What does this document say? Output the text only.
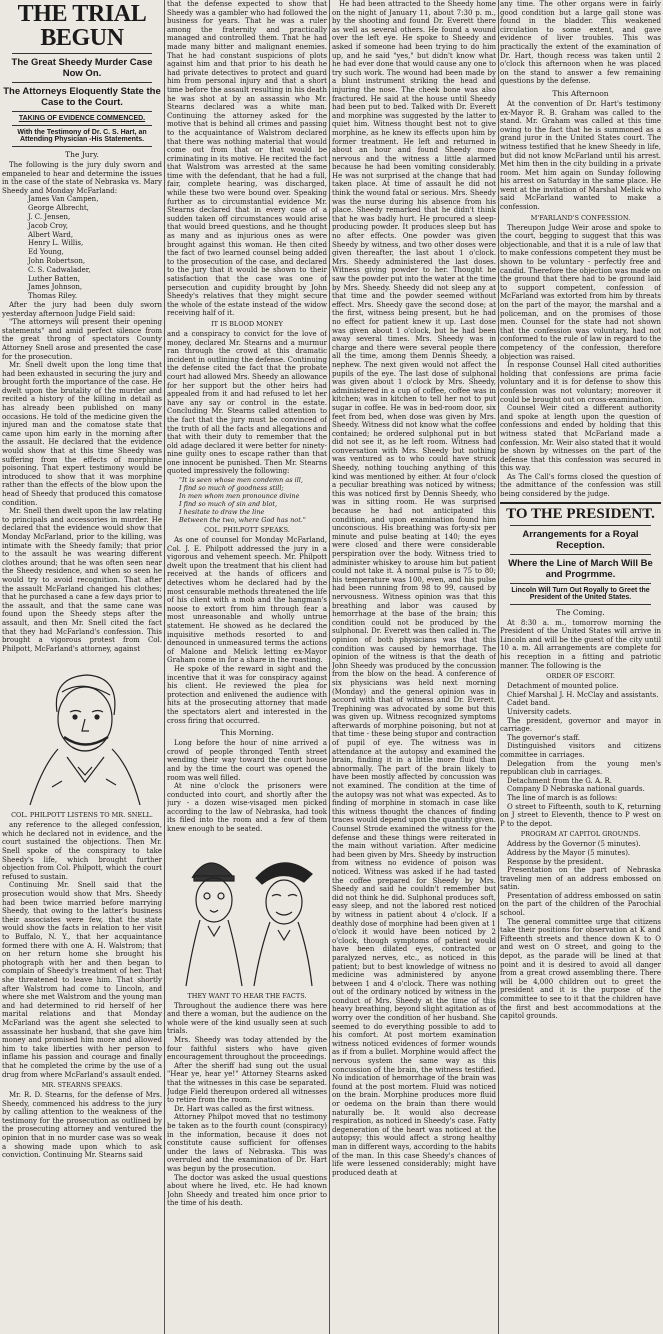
THE TRIAL BEGUN
The Great Sheedy Murder Case Now On.
The Attorneys Eloquently State the Case to the Court.
TAKING OF EVIDENCE COMMENCED.
With the Testimony of Dr. C. S. Hart, an Attending Physician -His Statements.
The Jury.

The following is the jury duly sworn and empaneled to hear and determine the issues in the case of the state of Nebraska vs. Mary Sheedy and Monday McFarland:

James Van Campen,
George Albrecht,
J. C. Jensen,
Jacob Croy,
Albert Ward,
Henry L. Willis,
Ed Young,
John Robertson,
C. S. Cadwalader,
Luther Batten,
James Johnson,
Thomas Riley.

After the jury had been duly sworn yesterday afternoon Judge Field said:

"The attorneys will present their opening statements" and amid perfect silence from the great throng of spectators County Attorney Snell arose and presented the case for the prosecution.

Mr. Snell dwelt upon the long time that had been exhausted in securing the jury and brought forth the importance of the case. He dwelt upon the brutality of the murder and recited a history of the killing in detail as has already been published on many occasions. He told of the medicine given the injured man and the comatose state that came upon him early in the morning after the assault. He declared that the evidence would show that at this time Sheedy was suffering from the effects of morphine poisoning. That expert testimony would be introduced to show that it was morphine rather than the effects of the blow upon the head of Sheedy that produced this comatose condition.

Mr. Snell then dwelt upon the law relating to principals and accessories in murder. He declared that the evidence would show that Monday McFarland, prior to the killing, was intimate with the Sheedy family; that prior to the assault he was wearing different clothes around; that he was often seen near the Sheedy residence, and when so seen he would try to avoid recognition. That after the assault McFarland changed his clothes; that he purchased a cane a few days prior to the assault, and that the same cane was found upon the Sheedy steps after the assault, and then Mr. Snell cited the fact that they had McFarland's confession. This brought a vigorous protest from Col. Philpott, McFarland's attorney, against

COL. PHILPOTT LISTENS TO MR. SNELL.

any reference to the alleged confession, which he declared not in evidence, and the court sustained the objections. Then Mr. Snell spoke of the conspiracy to take Sheedy's life, which brought further objection from Col. Philpott, which the court refused to sustain.

Continuing Mr. Snell said that the prosecution would show that Mrs. Sheedy had been twice married before marrying Sheedy, that owing to the latter's business their associates were few, that the state would show the facts in relation to her visit to Buffalo, N. Y., that her acquaintance formed there with one A. H. Walstrom; that on her return home she brought his photograph with her and then began to complain of Sheedy's treatment of her. That she threatened to leave him. That shortly after Walstrom had come to Lincoln, and where she met Walstrom and the young man and had determined to rid herself of her marital relations and that Monday McFarland was the agent she selected to assassinate her husband, that she gave him money and promised him more and allowed him to take liberties with her person to inflame his passion and courage and finally that he completed the crime by the use of a drug from where McFarland's assault ended.

MR. STEARNS SPEAKS.

Mr. R. D. Stearns, for the defense of Mrs. Sheedy, commenced his address to the jury by calling attention to the weakness of the testimony for the prosecution as outlined by the prosecuting attorney and ventured the opinion that in no murder case was so weak a showing made upon which to ask conviction. Continuing Mr. Stearns said

that the defense expected to show that Sheedy was a gambler who had followed the business for years. That he was a ruler among the fraternity and practically managed and controlled them. That he had made many bitter and malignant enemies. That he had constant suspicions of plots against him and that prior to his death he had private detectives to protect and guard him from personal injury and that a short time before the assault resulting in his death he was shot at by an assassin who Mr. Stearns declared was a white man. Continuing the attorney asked for the motive that is behind all crimes and passing to the acquaintance of Walstrom declared that there was nothing material that would come out from that or that would be criminating in its motive. He recited the fact that Walstrom was arrested at the same time with the defendant, that he had a full, fair, complete hearing, was discharged, while these two were bound over. Speaking further as to circumstantial evidence Mr. Stearns declared that in every case of a sudden taken off circumstances would arise that would breed questions, and he thought as many and as injurious ones as were brought against this woman. He then cited the fact of two learned counsel being added to the prosecution of the case, and declared to the jury that it would be shown to their satisfaction that the case was one of persecution and cupidity brought by John Sheedy's relatives that they might secure the whole of the estate instead of the widow receiving half of it.

IT IS BLOOD MONEY

and a conspiracy to convict for the love of money, declared Mr. Stearns and a murmur ran through the crowd at this dramatic incident in outlining the defense. Continuing the defense cited the fact that the probate court had allowed Mrs. Sheedy an allowance for her support but the other heirs had appealed from it and had refused to let her have any say or control in the estate. Concluding Mr. Stearns called attention to the fact that the jury must be convinced of the truth of all the facts and allegations and that with their duty to remember that the old adage declared it were better for ninety-nine guilty ones to escape rather than that one innocent be punished. Then Mr. Stearns quoted impressively the following:

"It is seen whose men condemn as ill,
I find so much of goodness still;
In men whom men pronounce divine
I find so much of sin and blot,
I hesitate to draw the line
Between the two, where God has not."
COL. PHILPOTT SPEAKS.

As one of counsel for Monday McFarland, Col. J. E. Philpott addressed the jury in a vigorous and vehement speech. Mr. Philpott dwelt upon the treatment that his client had received at the hands of officers and detectives whom he declared had by the most censurable methods threatened the life of his client with a mob and the hangman's noose to extort from him through fear a most unreasonable and wholly untrue statement. He showed as he declared the inquisitive methods resorted to and denounced in unmeasured terms the actions of Malone and Melick letting ex-Mayor Graham come in for a share in the roasting.

He spoke of the reward in sight and the incentive that it was for conspiracy against his client. He reviewed the plea for protection and enlivened the audience with hits at the prosecuting attorney that made the spectators alert and interested in the cross firing that occurred.

This Morning.

Long before the hour of nine arrived a crowd of people thronged Tenth street wending their way toward the court house and by the time the court was opened the room was well filled.

At nine o'clock the prisoners were conducted into court, and shortly after the jury - a dozen wise-visaged men picked according to the law of Nebraska, had took its filed into the room and a few of them knew enough to be seated.

THEY WANT TO HEAR THE FACTS.

Throughout the audience there was here and there a woman, but the audience on the whole were of the kind usually seen at such trials.

Mrs. Sheedy was today attended by the four faithful sisters who have given encouragement throughout the proceedings.

After the sheriff had sung out the usual "Hear ye, hear ye!" Attorney Stearns asked that the witnesses in this case be separated. Judge Field thereupon ordered all witnesses to retire from the room.

Dr. Hart was called as the first witness.

Attorney Philpot moved that no testimony be taken as to the fourth count (conspiracy) in the information, because it does not constitute cause sufficient for offenses under the laws of Nebraska. This was overruled and the examination of Dr. Hart was begun by the prosecution.

The doctor was asked the usual questions about where he lived, etc. He had known John Sheedy and treated him once prior to the time of his death.

He had been attracted to the Sheedy home on the night of January 11, about 7:30 p. m., by the shooting and found Dr. Everett there as well as several others. He found a wound over the left eye. He spoke to Sheedy and asked if someone had been trying to do him up, and he said "yes," but didn't know what he had ever done that would cause any one to try such work. The wound had been made by a blunt instrument striking the head and injuring the nose. The cheek bone was also fractured. He said at the house until Sheedy had been put to bed. Talked with Dr. Everett and morphine was suggested by the latter to quiet him. Witness thought best not to give morphine, as he knew its effects upon him by former treatment. He left and returned in about an hour and found Sheedy more nervous and the witness a little alarmed because he had been vomiting considerably. He was not surprised at the change that had taken place. At time of assault he did not think the wound fatal or serious. Mrs. Sheedy was the nurse during his absence from his place. Sheedy remarked that he didn't think that he was badly hurt. He procured a sleep-producing powder. It produces sleep but has no after effects. One powder was given Sheedy by witness, and two other doses were given thereafter, the last about 1 o'clock. Mrs. Sheedy administered the last doses. Witness giving powder to her. Thought he saw the powder put into the water at the time by Mrs. Sheedy. Sheedy did not sleep any at that time and the powder seemed without effect. Mrs. Sheedy gave the second dose; at the first, witness being present, but he had no effect for patient knew it up. Last dose was given about 1 o'clock, but he had been away several times. Mrs. Sheedy was in charge and there were several people there all the time, among them Dennis Sheedy, a nephew. The next given would not affect the pupils of the eye. The last dose of sulphonal was given about 1 o'clock by Mrs. Sheedy, administered in a cup of coffee, coffee was in kitchen; was in kitchen to tell her not to put sugar in coffee. He was in bed-room door, six feet from bed, when dose was given by Mrs. Sheedy. Witness did not know what the coffee contained; he ordered sulphonal put in but did not see it, as he left room. Witness had conversation with Mrs. Sheedy but nothing was ventured as to who could have struck Sheedy, nothing touching anything of this kind was mentioned by either. At four o'clock a peculiar breathing was noticed by witness; this was noticed first by Dennis Sheedy, who was in sitting room. He was surprised because he had not anticipated this condition, and upon examination found him unconscious. His breathing was forty-six per minute and pulse beating at 140; the eyes were closed and there were considerable perspiration over the body. Witness tried to administer whiskey to arouse him but patient could not take it. A normal pulse is 75 to 80; his temperature was 100, even, and his pulse had been running from 98 to 99, caused by nervousness. Witness opinion was that this breathing and labor was caused by hemorrhage at the base of the brain; this condition could not be produced by the sulphonal. Dr. Everett was then called in. The opinion of both physicians was that this condition was caused by hemorrhage. The opinion of the witness is that the death of John Sheedy was produced by the concussion from the blow on the head. A conference of six physicians was held next morning (Monday) and the general opinion was in accord with that of witness and Dr. Everett. Trephining was advocated by some but this was given up. Witness recognized symptoms afterwards of morphine poisoning, but not at that time - these being stupor and contraction of pupil of eye. The witness was in attendance at the autopsy and examined the brain, finding it in a little more fluid than abnormally. The part of the brain likely to have been mostly affected by concussion was not examined. The condition at the time of the autopsy was not what was expected. As to finding of morphine in stomach in case like this witness thought the chances of finding traces would depend upon the quantity given. Counsel Strode examined the witness for the defense and these things were reiterated in the main without variation. After medicine had been given by Mrs. Sheedy by instruction from witness no evidence of poison was noticed. Witness was asked if he had tasted the coffee prepared for Sheedy by Mrs. Sheedy and said he couldn't remember but did not think he did. Sulphonal produces soft, easy sleep, and not the labored rest noticed by witness in patient about 4 o'clock. If a deathly dose of morphine had been given at 1 o'clock it would have been noticed by 2 o'clock, though symptoms of patient would have been dilated eyes, contracted or paralyzed nerves, etc., as noticed in this patient; but to best knowledge of witness no medicine was administered by anyone between 1 and 4 o'clock. There was nothing out of the ordinary noticed by witness in the conduct of Mrs. Sheedy at the time of this heavy breathing, beyond slight agitation as of worry over the condition of her husband. She seemed to do everything possible to add to his comfort. At post mortem examination witness noticed evidences of former wounds as if from a bullet. Morphine would affect the nervous system the same way as this concussion of the brain, the witness testified. No indication of hemorrhage of the brain was found at the post mortem. Fluid was noticed on the brain. Morphine produces more fluid or oedema on the brain than there would naturally be. It would also decrease respiration, as noticed in Sheedy's case. Fatty degeneration of the heart was noticed at the autopsy; this would affect a strong healthy man in different ways, according to the habits of the man. In this case Sheedy's chances of life were lessened considerably; might have produced death at

any time. The other organs were in fairly good condition but a large gall stone was found in the bladder. This weakened circulation to some extent, and gave evidence of liver troubles. This was practically the extent of the examination of Dr. Hart, though recess was taken until 2 o'clock this afternoon when he was placed on the stand to answer a few remaining questions by the defense.

This Afternoon

At the convention of Dr. Hart's testimony ex-Mayor R. B. Graham was called to the stand. Mr. Graham was called at this time owing to the fact that he is summoned as a grand juror in the United States court. The witness testified that he knew Sheedy in life, but did not know McFarland until his arrest. Met him then in the city building in a private room. Met him again on Sunday following his arrest on Saturday in the same place. He went at the invitation of Marshal Melick who said McFarland wanted to make a confession.

M'FARLAND'S CONFESSION.

Thereupon Judge Weir arose and spoke to the court, begging to suggest that this was objectionable, and that it is a rule of law that to make confessions competent they must be shown to be voluntary - perfectly free and candid. Therefore the objection was made on the ground that there had to be ground laid to support competent, confession of McFarland was extorted from him by threats on the part of the mayor, the marshal and a policeman, and on the promises of those men. Counsel for the state had not shown that the confession was voluntary, had not conformed to the rule of law in regard to the competency of the confession, therefore objection was raised.

In response Counsel Hall cited authorities holding that confessions are prima facie voluntary and it is for defense to show this confession was not voluntary; moreover it could be brought out on cross-examination.

Counsel Weir cited a different authority and spoke at length upon the question of confessions and ended by holding that this witness stated that McFarland made a confession. Mr. Weir also stated that it would be shown by witnesses on the part of the defense that this confession was secured in this way.

As The Call's forms closed the question of the admittance of the confession was still being considered by the judge.

TO THE PRESIDENT.
Arrangements for a Royal Reception.
Where the Line of March Will Be and Progrmme.
Lincoln Will Turn Out Royally to Greet the President of the United States.
The Coming.

At 8:30 a. m., tomorrow morning the President of the United States will arrive in Lincoln and will be the guest of the city until 10 a. m. All arrangements are complete for his reception in a fitting and patriotic manner. The following is the

ORDER OF ESCORT.

Detachment of mounted police.

Chief Marshal J. H. McClay and assistants.

Cadet band.

University cadets.

The president, governor and mayor in carriage.

The governor's staff.

Distinguished visitors and citizens committee in carriages.

Delegation from the young men's republican club in carriages.

Detachment from the G. A. R.

Company D Nebraska national guards.

The line of march is as follows:

O street to Fifteenth, south to K, returning on J street to Eleventh, thence to P west on P to the depot.

PROGRAM AT CAPITOL GROUNDS.

Address by the Governor (5 minutes).

Address by the Mayor (5 minutes).

Response by the president.

Presentation on the part of Nebraska traveling men of an address embossed on satin.

Presentation of address embossed on satin on the part of the children of the Parochial school.

The general committee urge that citizens take their positions for observation at K and Fifteenth streets and thence down K to O and west on O street, and going to the depot, as the parade will be lined at that point and it is desired to avoid all danger from a great crowd assembling there. There will be 4,000 children out to greet the president and it is the purpose of the committee to see to it that the children have the first and best accommodations at the capitol grounds.
